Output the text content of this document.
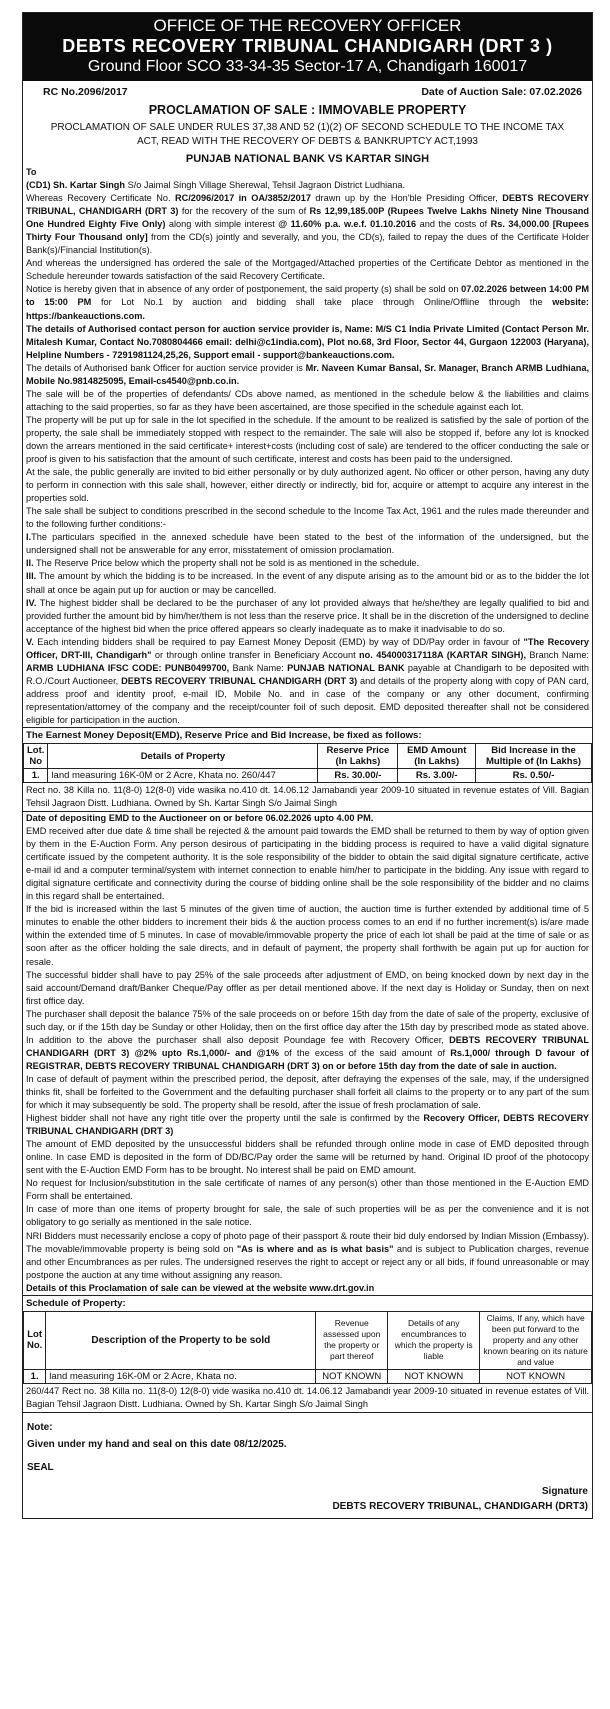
OFFICE OF THE RECOVERY OFFICER
DEBTS RECOVERY TRIBUNAL CHANDIGARH (DRT 3 )
Ground Floor SCO 33-34-35 Sector-17 A, Chandigarh 160017
RC No.2096/2017	Date of Auction Sale: 07.02.2026
PROCLAMATION OF SALE : IMMOVABLE PROPERTY
PROCLAMATION OF SALE UNDER RULES 37,38 AND 52 (1)(2) OF SECOND SCHEDULE TO THE INCOME TAX ACT, READ WITH THE RECOVERY OF DEBTS & BANKRUPTCY ACT,1993
PUNJAB NATIONAL BANK VS KARTAR SINGH
To

(CD1) Sh. Kartar Singh S/o Jaimal Singh Village Sherewal, Tehsil Jagraon District Ludhiana.

Whereas Recovery Certificate No. RC/2096/2017 in OA/3852/2017 drawn up by the Hon'ble Presiding Officer, DEBTS RECOVERY TRIBUNAL, CHANDIGARH (DRT 3) for the recovery of the sum of Rs 12,99,185.00P (Rupees Twelve Lakhs Ninety Nine Thousand One Hundred Eighty Five Only) along with simple interest @ 11.60% p.a. w.e.f. 01.10.2016 and the costs of Rs. 34,000.00 [Rupees Thirty Four Thousand only] from the CD(s) jointly and severally, and you, the CD(s), failed to repay the dues of the Certificate Holder Bank(s)/Financial Institution(s).

And whereas the undersigned has ordered the sale of the Mortgaged/Attached properties of the Certificate Debtor as mentioned in the Schedule hereunder towards satisfaction of the said Recovery Certificate.

Notice is hereby given that in absence of any order of postponement, the said property (s) shall be sold on 07.02.2026 between 14:00 PM to 15:00 PM for Lot No.1 by auction and bidding shall take place through Online/Offline through the website: https://bankeauctions.com.

The details of Authorised contact person for auction service provider is, Name: M/S C1 India Private Limited (Contact Person Mr. Mitalesh Kumar, Contact No.7080804466 email: delhi@c1india.com), Plot no.68, 3rd Floor, Sector 44, Gurgaon 122003 (Haryana), Helpline Numbers - 7291981124,25,26, Support email - support@bankeauctions.com.

The details of Authorised bank Officer for auction service provider is Mr. Naveen Kumar Bansal, Sr. Manager, Branch ARMB Ludhiana, Mobile No.9814825095, Email-cs4540@pnb.co.in.

The sale will be of the properties of defendants/ CDs above named, as mentioned in the schedule below & the liabilities and claims attaching to the said properties, so far as they have been ascertained, are those specified in the schedule against each lot.

The property will be put up for sale in the lot specified in the schedule. If the amount to be realized is satisfied by the sale of portion of the property, the sale shall be immediately stopped with respect to the remainder. The sale will also be stopped if, before any lot is knocked down the arrears mentioned in the said certificate+ interest+costs (including cost of sale) are tendered to the officer conducting the sale or proof is given to his satisfaction that the amount of such certificate, interest and costs has been paid to the undersigned.

At the sale, the public generally are invited to bid either personally or by duly authorized agent. No officer or other person, having any duty to perform in connection with this sale shall, however, either directly or indirectly, bid for, acquire or attempt to acquire any interest in the properties sold.

The sale shall be subject to conditions prescribed in the second schedule to the Income Tax Act, 1961 and the rules made thereunder and to the following further conditions:-

I.The particulars specified in the annexed schedule have been stated to the best of the information of the undersigned, but the undersigned shall not be answerable for any error, misstatement of omission proclamation.

II. The Reserve Price below which the property shall not be sold is as mentioned in the schedule.

III. The amount by which the bidding is to be increased. In the event of any dispute arising as to the amount bid or as to the bidder the lot shall at once be again put up for auction or may be cancelled.

IV. The highest bidder shall be declared to be the purchaser of any lot provided always that he/she/they are legally qualified to bid and provided further the amount bid by him/her/them is not less than the reserve price. It shall be in the discretion of the undersigned to decline acceptance of the highest bid when the price offered appears so clearly inadequate as to make it inadvisable to do so.

V. Each intending bidders shall be required to pay Earnest Money Deposit (EMD) by way of DD/Pay order in favour of "The Recovery Officer, DRT-III, Chandigarh" or through online transfer in Beneficiary Account no. 454000317118A (KARTAR SINGH), Branch Name: ARMB LUDHIANA IFSC CODE: PUNB0499700, Bank Name: PUNJAB NATIONAL BANK payable at Chandigarh to be deposited with R.O./Court Auctioneer, DEBTS RECOVERY TRIBUNAL CHANDIGARH (DRT 3) and details of the property along with copy of PAN card, address proof and identity proof, e-mail ID, Mobile No. and in case of the company or any other document, confirming representation/attorney of the company and the receipt/counter foil of such deposit. EMD deposited thereafter shall not be considered eligible for participation in the auction.

The Earnest Money Deposit(EMD), Reserve Price and Bid Increase, be fixed as follows:
Lot. No	Details of Property	Reserve Price (In Lakhs)	EMD Amount (In Lakhs)	Bid Increase in the Multiple of (In Lakhs)
1.	land measuring 16K-0M or 2 Acre, Khata no. 260/447	Rs. 30.00/-	Rs. 3.00/-	Rs. 0.50/-
Rect no. 38 Killa no. 11(8-0) 12(8-0) vide wasika no.410 dt. 14.06.12 Jamabandi year 2009-10 situated in revenue estates of Vill. Bagian Tehsil Jagraon Distt. Ludhiana. Owned by Sh. Kartar Singh S/o Jaimal Singh

Date of depositing EMD to the Auctioneer on or before 06.02.2026 upto 4.00 PM.

EMD received after due date & time shall be rejected & the amount paid towards the EMD shall be returned to them by way of option given by them in the E-Auction Form. Any person desirous of participating in the bidding process is required to have a valid digital signature certificate issued by the competent authority. It is the sole responsibility of the bidder to obtain the said digital signature certificate, active e-mail id and a computer terminal/system with internet connection to enable him/her to participate in the bidding. Any issue with regard to digital signature certificate and connectivity during the course of bidding online shall be the sole responsibility of the bidder and no claims in this regard shall be entertained.

If the bid is increased within the last 5 minutes of the given time of auction, the auction time is further extended by additional time of 5 minutes to enable the other bidders to increment their bids & the auction process comes to an end if no further increment(s) is/are made within the extended time of 5 minutes. In case of movable/immovable property the price of each lot shall be paid at the time of sale or as soon after as the officer holding the sale directs, and in default of payment, the property shall forthwith be again put up for auction for resale.

The successful bidder shall have to pay 25% of the sale proceeds after adjustment of EMD, on being knocked down by next day in the said account/Demand draft/Banker Cheque/Pay offler as per detail mentioned above. If the next day is Holiday or Sunday, then on next first office day.

The purchaser shall deposit the balance 75% of the sale proceeds on or before 15th day from the date of sale of the property, exclusive of such day, or if the 15th day be Sunday or other Holiday, then on the first office day after the 15th day by prescribed mode as stated above. In addition to the above the purchaser shall also deposit Poundage fee with Recovery Officer, DEBTS RECOVERY TRIBUNAL CHANDIGARH (DRT 3) @2% upto Rs.1,000/- and @1% of the excess of the said amount of Rs.1,000/ through D favour of REGISTRAR, DEBTS RECOVERY TRIBUNAL CHANDIGARH (DRT 3) on or before 15th day from the date of sale in auction.

In case of default of payment within the prescribed period, the deposit, after defraying the expenses of the sale, may, if the undersigned thinks fit, shall be forfeited to the Government and the defaulting purchaser shall forfeit all claims to the property or to any part of the sum for which it may subsequently be sold. The property shall be resold, after the issue of fresh proclamation of sale.

Highest bidder shall not have any right title over the property until the sale is confirmed by the Recovery Officer, DEBTS RECOVERY TRIBUNAL CHANDIGARH (DRT 3)

The amount of EMD deposited by the unsuccessful bidders shall be refunded through online mode in case of EMD deposited through online. In case EMD is deposited in the form of DD/BC/Pay order the same will be returned by hand. Original ID proof of the photocopy sent with the E-Auction EMD Form has to be brought. No interest shall be paid on EMD amount.

No request for Inclusion/substitution in the sale certificate of names of any person(s) other than those mentioned in the E-Auction EMD Form shall be entertained.

In case of more than one items of property brought for sale, the sale of such properties will be as per the convenience and it is not obligatory to go serially as mentioned in the sale notice.

NRI Bidders must necessarily enclose a copy of photo page of their passport & route their bid duly endorsed by Indian Mission (Embassy). The movable/immovable property is being sold on "As is where and as is what basis" and is subject to Publication charges, revenue and other Encumbrances as per rules. The undersigned reserves the right to accept or reject any or all bids, if found unreasonable or may postpone the auction at any time without assigning any reason.

Details of this Proclamation of sale can be viewed at the website www.drt.gov.in

Schedule of Property:
Lot No.	Description of the Property to be sold	Revenue assessed upon the property or part thereof	Details of any encumbrances to which the property is liable	Claims, If any, which have been put forward to the property and any other known bearing on its nature and value
1.	land measuring 16K-0M or 2 Acre, Khata no.	NOT KNOWN	NOT KNOWN	NOT KNOWN
260/447 Rect no. 38 Killa no. 11(8-0) 12(8-0) vide wasika no.410 dt. 14.06.12 Jamabandi year 2009-10 situated in revenue estates of Vill. Bagian Tehsil Jagraon Distt. Ludhiana. Owned by Sh. Kartar Singh S/o Jaimal Singh
Note:
Given under my hand and seal on this date 08/12/2025.
SEAL
Signature
DEBTS RECOVERY TRIBUNAL, CHANDIGARH (DRT3)
